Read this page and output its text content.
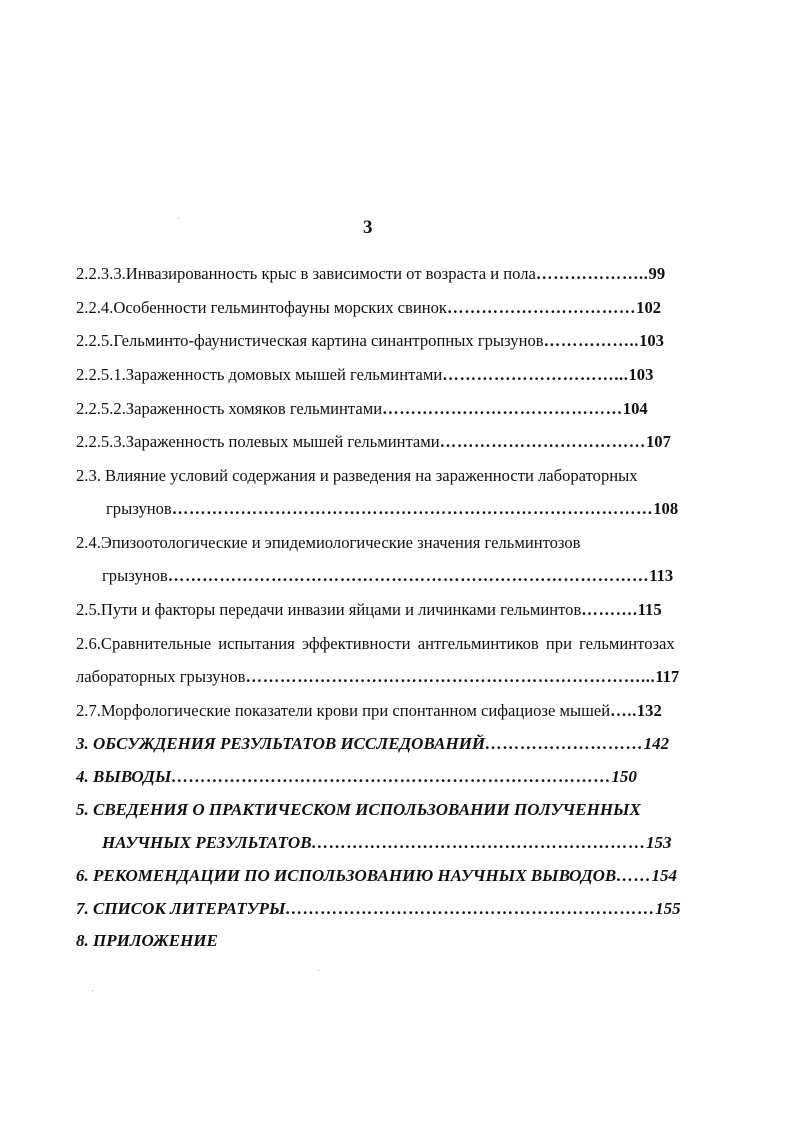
3
2.2.3.3.Инвазированность крыс в зависимости от возраста и пола………………..99
2.2.4.Особенности гельминтофауны морских свинок……………………………102
2.2.5.Гельминто-фаунистическая картина синантропных грызунов……………..103
2.2.5.1.Зараженность домовых мышей гельминтами…………………………...103
2.2.5.2.Зараженность хомяков гельминтами……………………………………104
2.2.5.3.Зараженность полевых мышей гельминтами………………………………107
2.3. Влияние условий содержания и разведения на зараженности лабораторных
грызунов…………………………………………………………………………108
2.4.Эпизоотологические и эпидемиологические значения гельминтозов
грызунов…………………………………………………………………………113
2.5.Пути и факторы передачи инвазии яйцами и личинками гельминтов……….115
2.6.Сравнительные испытания эффективности антгельминтиков при гельминтозах
лабораторных грызунов……………………………………………………………...117
2.7.Морфологические показатели крови при спонтанном сифациозе мышей…..132
3. ОБСУЖДЕНИЯ РЕЗУЛЬТАТОВ ИССЛЕДОВАНИЙ………………………142
4. ВЫВОДЫ…………………………………………………………………150
5. СВЕДЕНИЯ О ПРАКТИЧЕСКОМ ИСПОЛЬЗОВАНИИ ПОЛУЧЕННЫХ
НАУЧНЫХ РЕЗУЛЬТАТОВ…………………………………………………153
6. РЕКОМЕНДАЦИИ ПО ИСПОЛЬЗОВАНИЮ НАУЧНЫХ ВЫВОДОВ……154
7. СПИСОК ЛИТЕРАТУРЫ………………………………………………………155
8. ПРИЛОЖЕНИЕ
